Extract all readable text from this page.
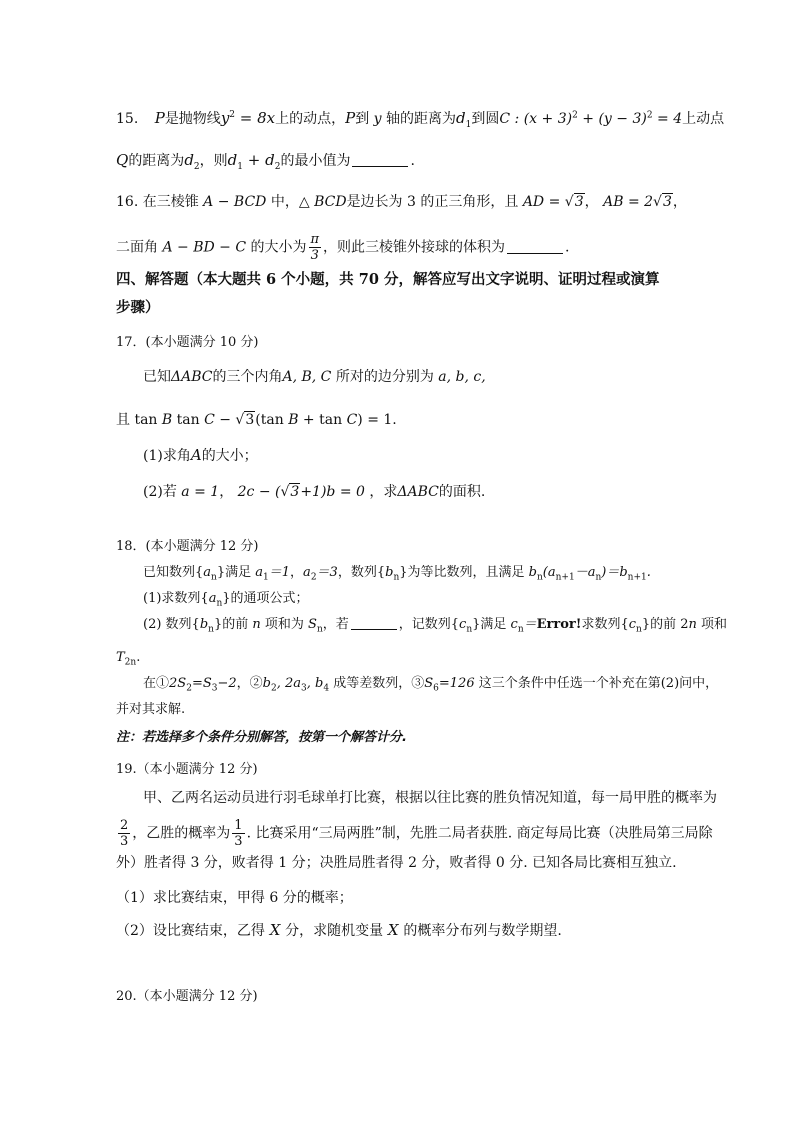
15. P是抛物线$y^2 = 8x$上的动点，P到 y 轴的距离为$d_1$到圆C : $(x + 3)^2 + (y - 3)^2 = 4$上动点
Q的距离为$d_2$，则$d_1 + d_2$的最小值为	.
16. 在三棱锥 A − BCD 中，△ BCD是边长为 3 的正三角形，且 AD = √3， AB = 2√3，
二面角 A − BD − C 的大小为 $\frac{\pi}{3}$ ，则此三棱锥外接球的体积为	.
四、解答题（本大题共 6 个小题，共 70 分，解答应写出文字说明、证明过程或演算
步骤）
17．(本小题满分 10 分)
已知ΔABC的三个内角A, B, C 所对的边分别为 a, b, c,
且 tan B tan C − √3(tan B + tan C) = 1.
(1)求角A的大小；
(2)若 a = 1， 2c − (√3+1)b = 0 ，求ΔABC的面积.
18．(本小题满分 12 分)
已知数列$\{a_n\}$满足 $a_1=1$，$a_2=3$，数列$\{b_n\}$为等比数列，且满足 $b_n(a_{n+1}-a_n)=b_{n+1}$.
(1)求数列$\{a_n\}$的通项公式；
(2) 数列$\{b_n\}$的前 n 项和为 $S_n$，若	，记数列$\{c_n\}$满足 $c_n=Error$!求数列$\{c_n\}$的前 2n 项和
$T_{2n}$.
在$①2S_2=S_3-2$，$②b_2$, $2a_3$, $b_4$ 成等差数列，$③S_6=126$ 这三个条件中任选一个补充在第(2)问中，
并对其求解.
注：若选择多个条件分别解答，按第一个解答计分.
19.（本小题满分 12 分)
甲、乙两名运动员进行羽毛球单打比赛，根据以往比赛的胜负情况知道，每一局甲胜的概率为
$\frac{2}{3}$ ，乙胜的概率为 $\frac{1}{3}$ . 比赛采用“三局两胜”制，先胜二局者获胜. 商定每局比赛（决胜局第三局除
外）胜者得 3 分，败者得 1 分；决胜局胜者得 2 分，败者得 0 分. 已知各局比赛相互独立.
（1）求比赛结束，甲得 6 分的概率；
（2）设比赛结束，乙得 X 分，求随机变量 X 的概率分布列与数学期望.
20.（本小题满分 12 分)
